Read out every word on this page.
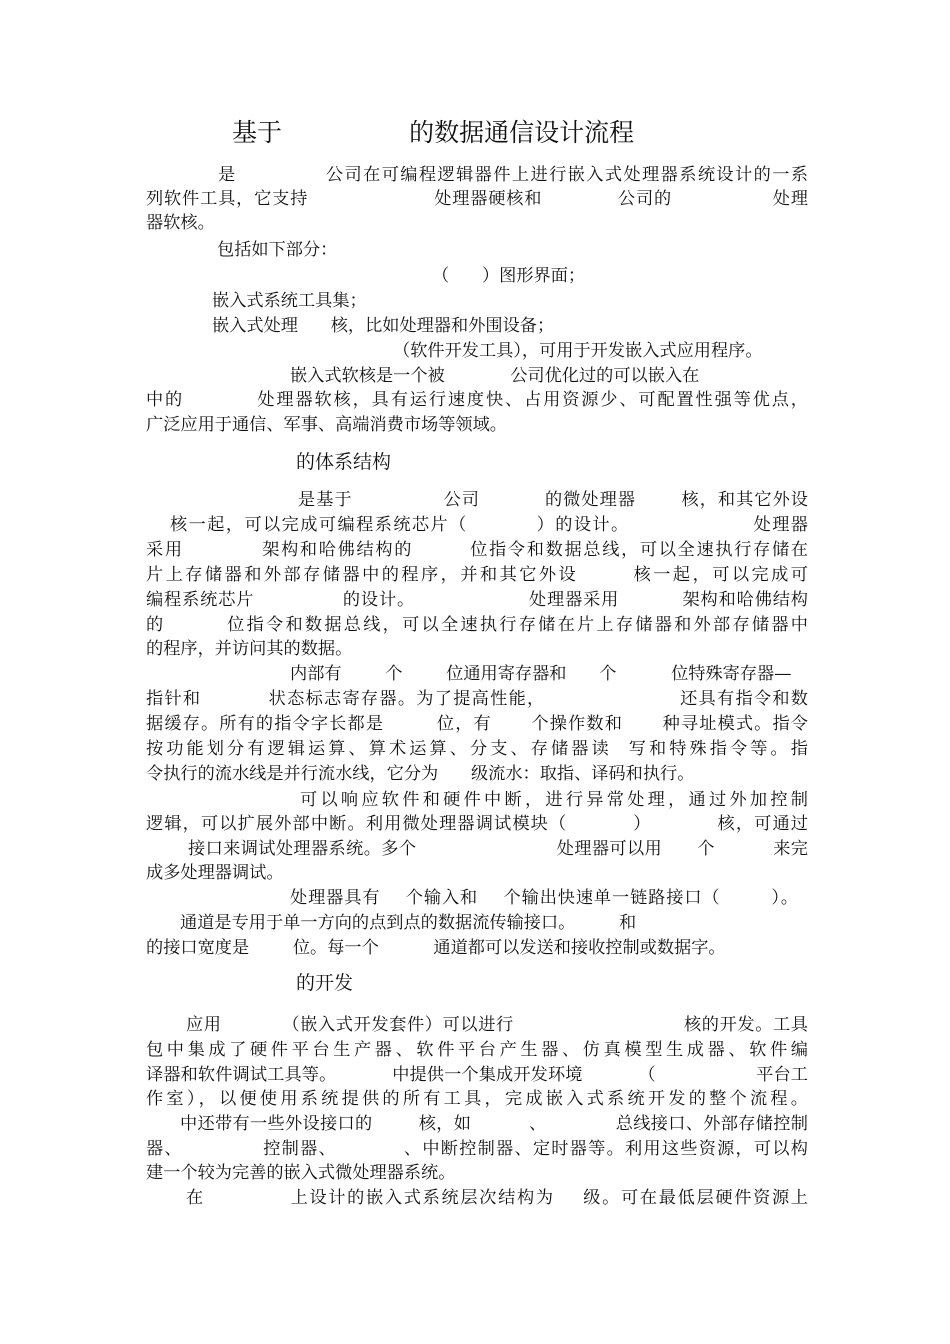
基于                的数据通信设计流程
是             公司在可编程逻辑器件上进行嵌入式处理器系统设计的一系
列软件工具，它支持                    处理器硬核和            公司的                处理
器软核。
包括如下部分：
（      ）图形界面；
嵌入式系统工具集；
嵌入式处理      核，比如处理器和外围设备；
（软件开发工具），可用于开发嵌入式应用程序。
嵌入式软核是一个被            公司优化过的可以嵌入在
中的          处理器软核，具有运行速度快、占用资源少、可配置性强等优点，
广泛应用于通信、军事、高端消费市场等领域。
的体系结构
是基于              公司          的微处理器       核，和其它外设
核一起，可以完成可编程系统芯片（          ）的设计。                  处理器
采用           架构和哈佛结构的        位指令和数据总线，可以全速执行存储在
片上存储器和外部存储器中的程序，并和其它外设       核一起，可以完成可
编程系统芯片              的设计。                  处理器采用          架构和哈佛结构
的        位指令和数据总线，可以全速执行存储在片上存储器和外部存储器中
的程序，并访问其的数据。
内部有        个        位通用寄存器和      个          位特殊寄存器—
指针和          状态标志寄存器。为了提高性能，                    还具有指令和数
据缓存。所有的指令字长都是        位，有      个操作数和      种寻址模式。指令
按功能划分有逻辑运算、算术运算、分支、存储器读  写和特殊指令等。指
令执行的流水线是并行流水线，它分为      级流水：取指、译码和执行。
可以响应软件和硬件中断，进行异常处理，通过外加控制
逻辑，可以扩展外部中断。利用微处理器调试模块（          ）          核，可通过
接口来调试处理器系统。多个                        处理器可以用      个          来完
成多处理器调试。
处理器具有    个输入和    个输出快速单一链路接口（        ）。
通道是专用于单一方向的点到点的数据流传输接口。        和
的接口宽度是        位。每一个          通道都可以发送和接收控制或数据字。
的开发
应用          （嵌入式开发套件）可以进行                            核的开发。工具
包中集成了硬件平台生产器、软件平台产生器、仿真模型生成器、软件编
译器和软件调试工具等。          中提供一个集成开发环境          （                  平台工
作室），以便使用系统提供的所有工具，完成嵌入式系统开发的整个流程。
中还带有一些外设接口的        核，如          、            总线接口、外部存储控制
器、            控制器、          、中断控制器、定时器等。利用这些资源，可以构
建一个较为完善的嵌入式微处理器系统。
在            上设计的嵌入式系统层次结构为    级。可在最低层硬件资源上
